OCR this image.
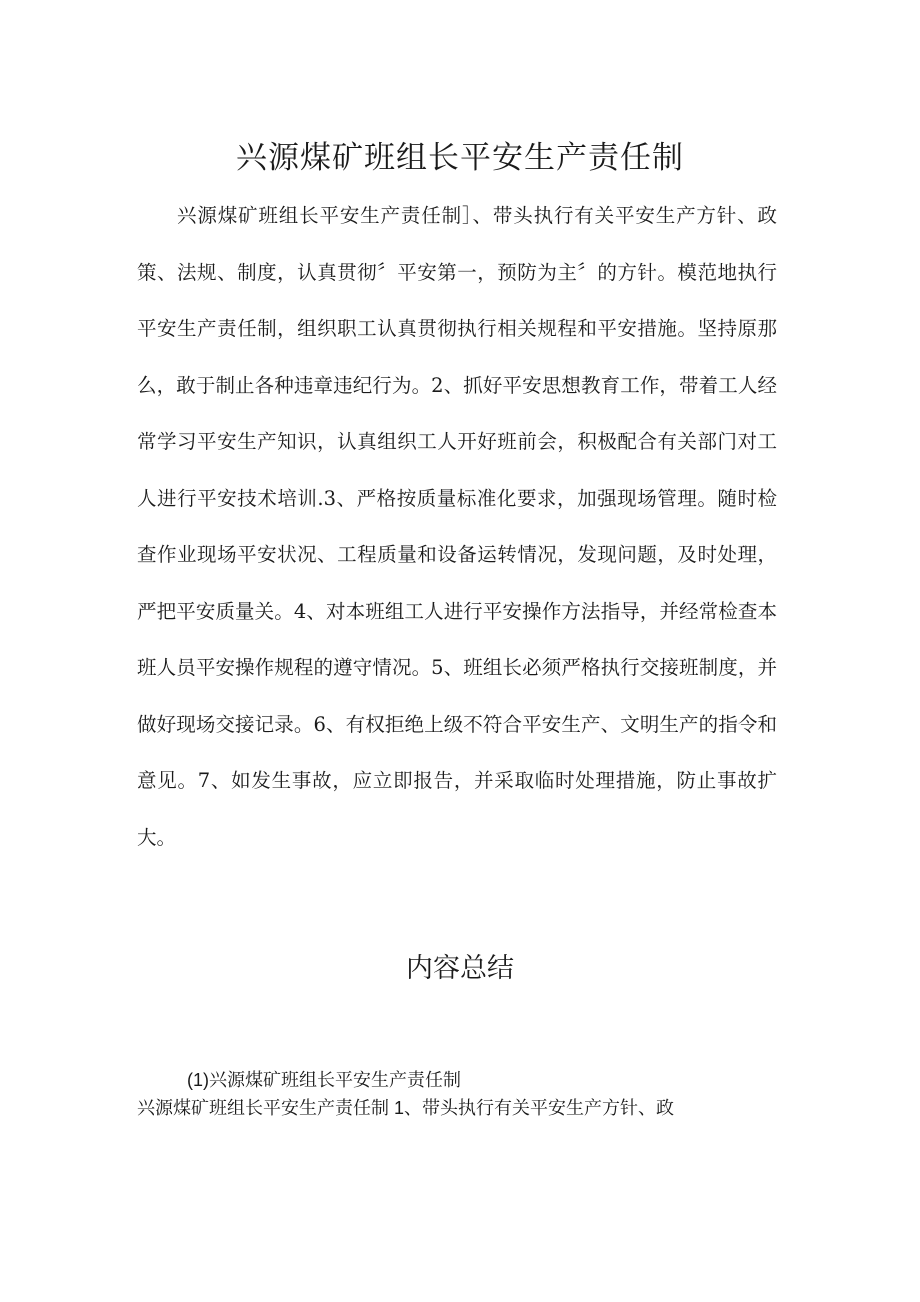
兴源煤矿班组长平安生产责任制

兴源煤矿班组长平安生产责任制］、带头执行有关平安生产方针、政策、法规、制度，认真贯彻〞平安第一，预防为主〞的方针。模范地执行平安生产责任制，组织职工认真贯彻执行相关规程和平安措施。坚持原那么，敢于制止各种违章违纪行为。2、抓好平安思想教育工作，带着工人经常学习平安生产知识，认真组织工人开好班前会，积极配合有关部门对工人进行平安技术培训.3、严格按质量标准化要求，加强现场管理。随时检查作业现场平安状况、工程质量和设备运转情况，发现问题，及时处理，严把平安质量关。4、对本班组工人进行平安操作方法指导，并经常检查本班人员平安操作规程的遵守情况。5、班组长必须严格执行交接班制度，并做好现场交接记录。6、有权拒绝上级不符合平安生产、文明生产的指令和意见。7、如发生事故，应立即报告，并采取临时处理措施，防止事故扩大。

内容总结

(1)兴源煤矿班组长平安生产责任制

兴源煤矿班组长平安生产责任制 1、带头执行有关平安生产方针、政
